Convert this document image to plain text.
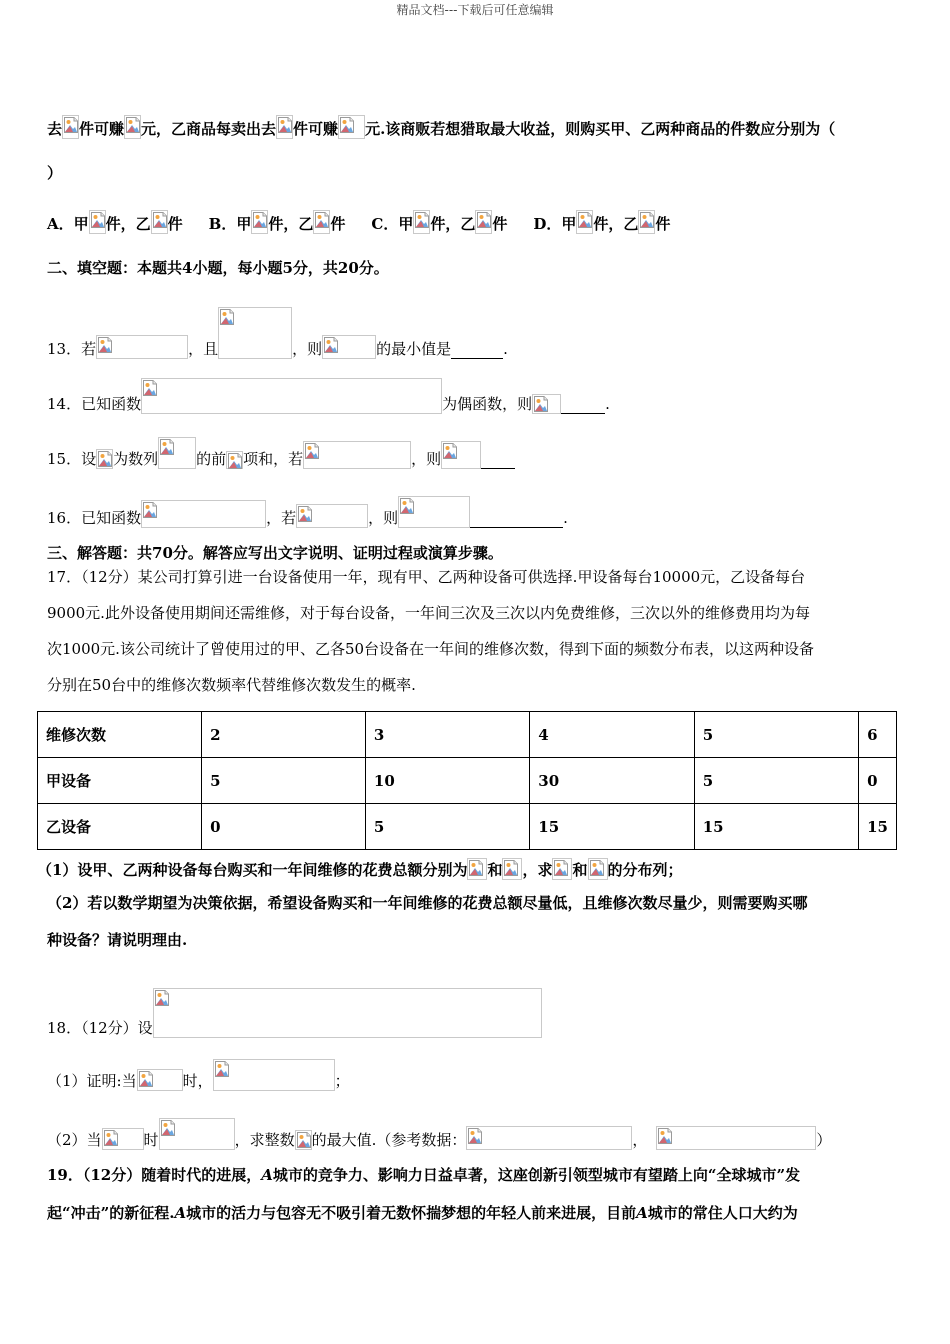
精品文档---下载后可任意编辑
去 件可赚 元，乙商品每卖出去 件可赚 元.该商贩若想猎取最大收益，则购买甲、乙两种商品的件数应分别为（
）
A．甲 件，乙 件 B．甲 件，乙 件 C．甲 件，乙 件 D．甲 件，乙 件
二、填空题：本题共4小题，每小题5分，共20分。
13．若	，且	，则	的最小值是	.
14．已知函数	为偶函数，则	.
15．设 为数列	的前 项和，若	，则
16．已知函数	，若	，则	.
三、解答题：共70分。解答应写出文字说明、证明过程或演算步骤。
17．（12分）某公司打算引进一台设备使用一年，现有甲、乙两种设备可供选择.甲设备每台10000元，乙设备每台
9000元.此外设备使用期间还需维修，对于每台设备，一年间三次及三次以内免费维修，三次以外的维修费用均为每
次1000元.该公司统计了曾使用过的甲、乙各50台设备在一年间的维修次数，得到下面的频数分布表，以这两种设备
分别在50台中的维修次数频率代替维修次数发生的概率.
维修次数	2	3	4	5	6
甲设备	5	10	30	5	0
乙设备	0	5	15	15	15
（1）设甲、乙两种设备每台购买和一年间维修的花费总额分别为 和 ，求 和 的分布列；
（2）若以数学期望为决策依据，希望设备购买和一年间维修的花费总额尽量低，且维修次数尽量少，则需要购买哪
种设备？请说明理由.
18．（12分）设
（1）证明:当	时，	；
（2）当	时	，求整数 的最大值.（参考数据：	，	）
19．（12分）随着时代的进展，A城市的竞争力、影响力日益卓著，这座创新引领型城市有望踏上向“全球城市”发
起“冲击”的新征程.A城市的活力与包容无不吸引着无数怀揣梦想的年轻人前来进展，目前A城市的常住人口大约为
